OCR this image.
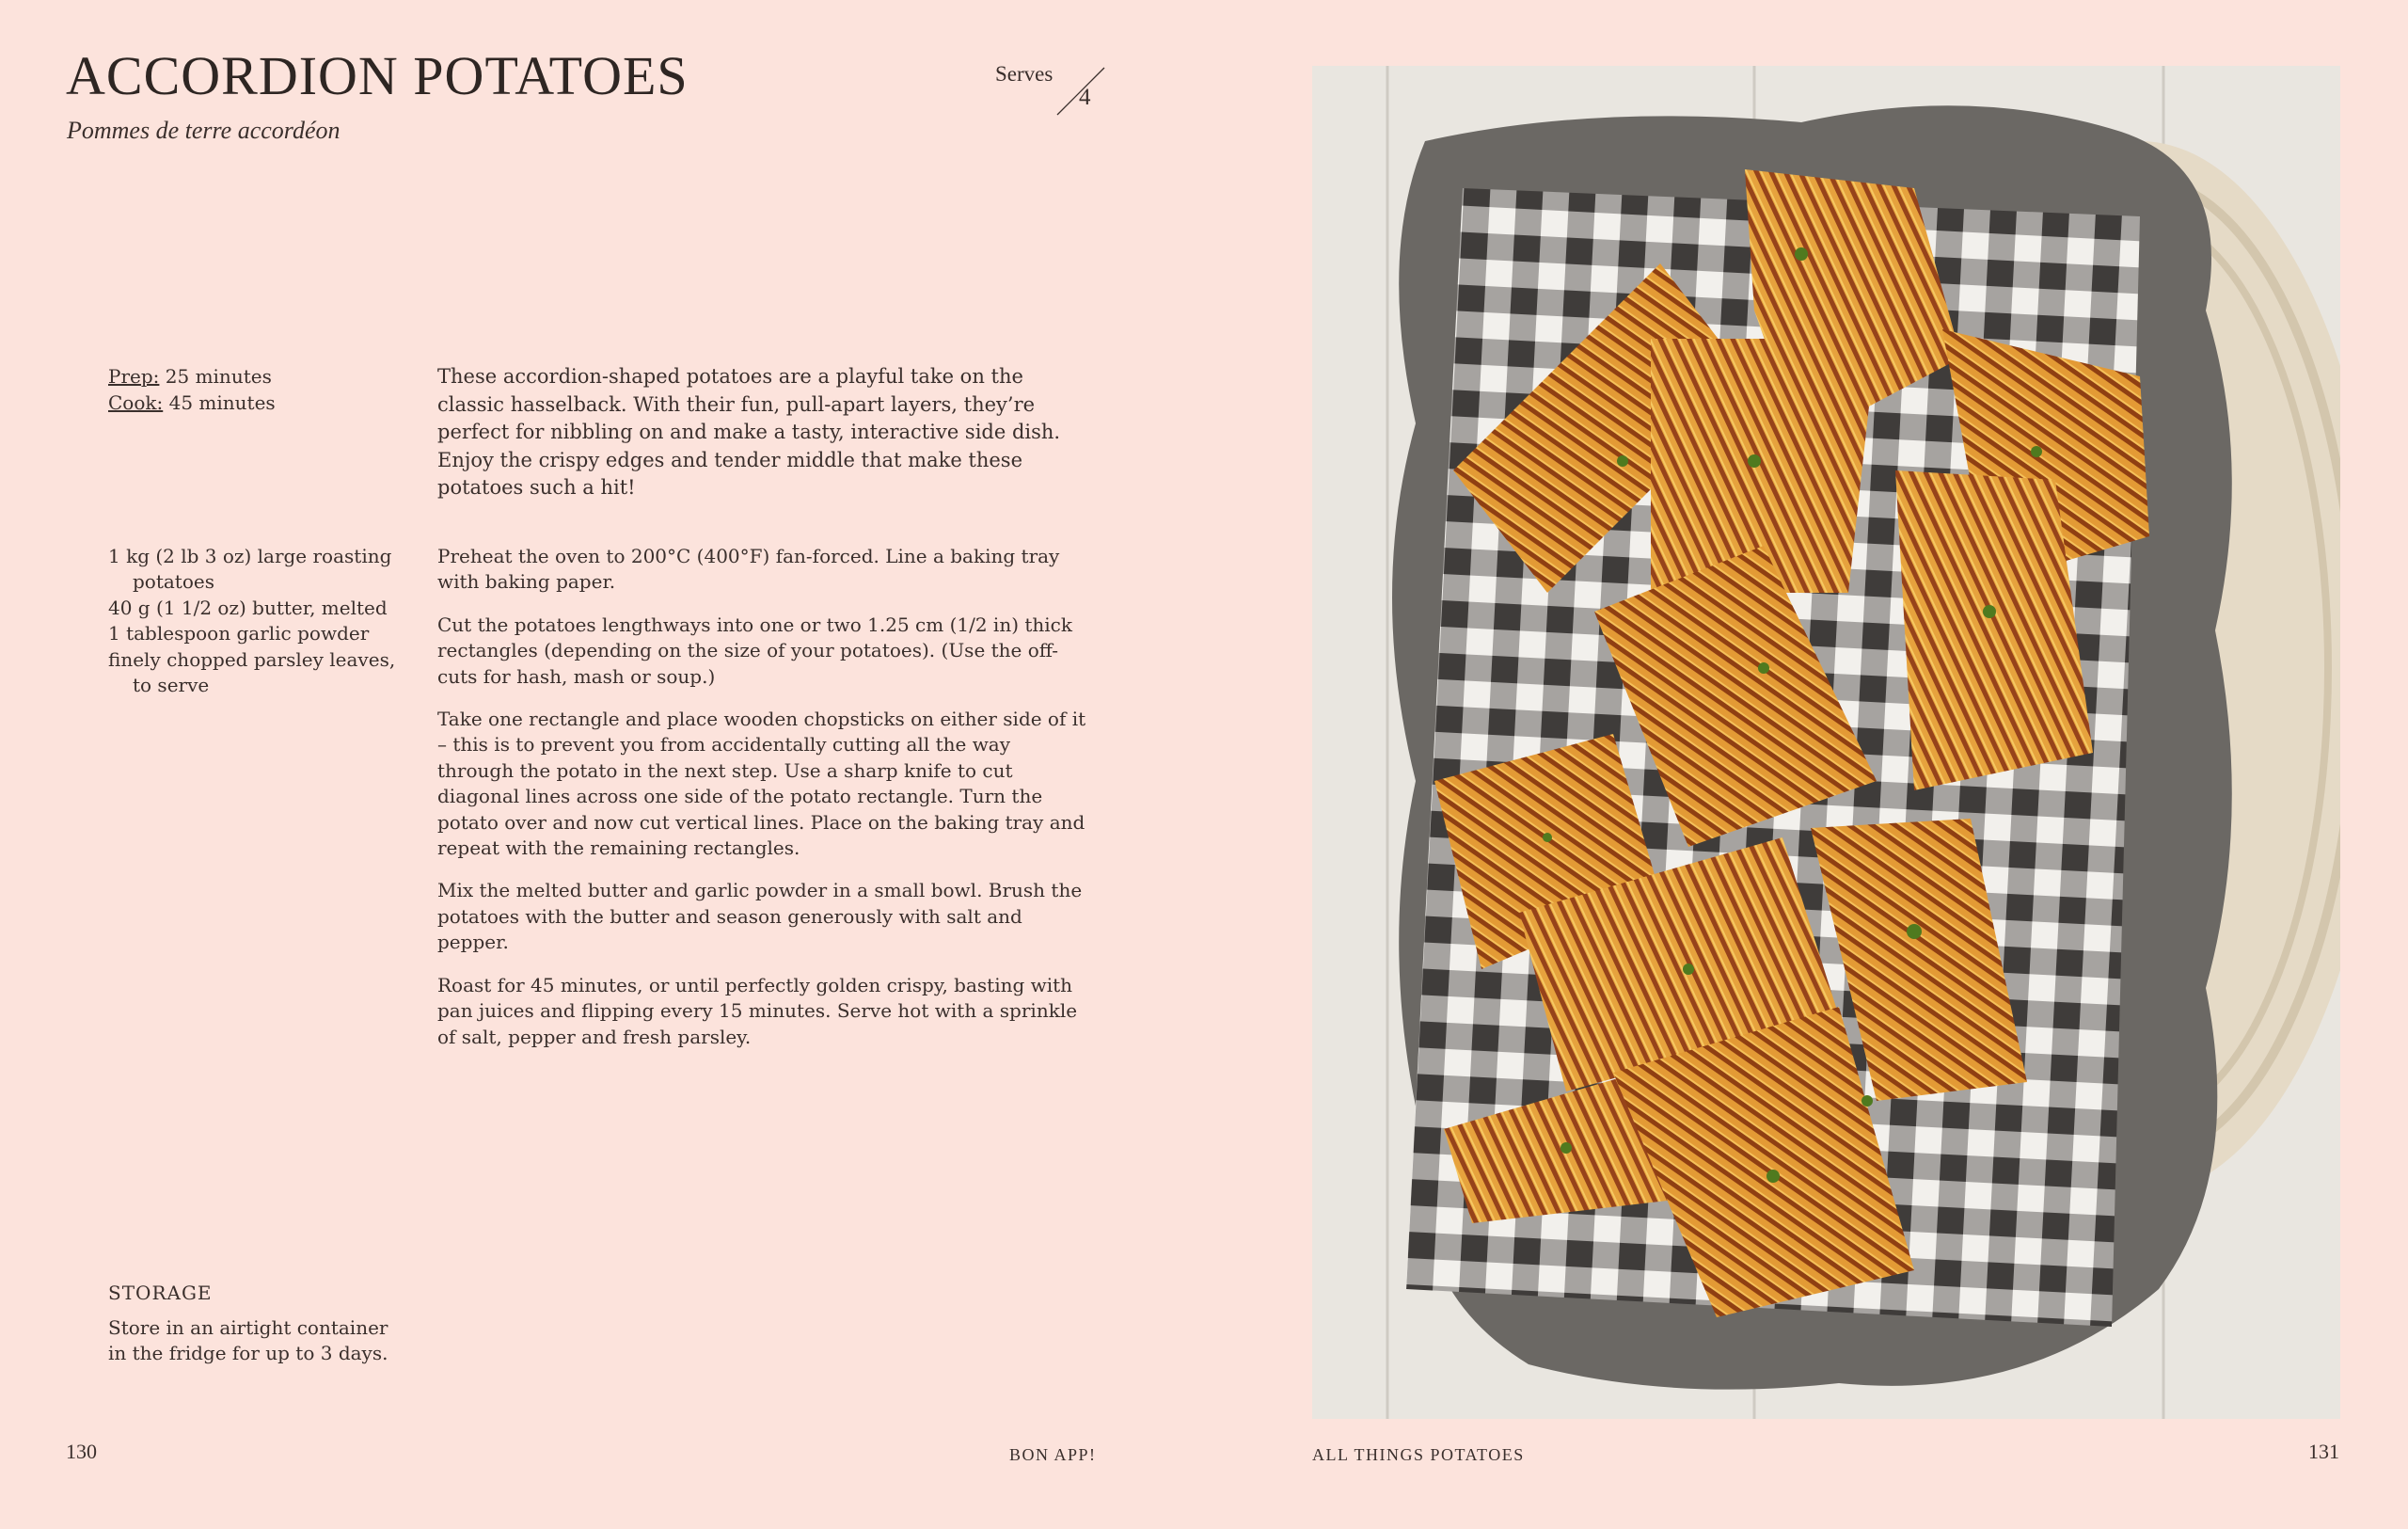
ACCORDION POTATOES
Pommes de terre accordéon
Serves
4
Prep: 25 minutes
Cook: 45 minutes
These accordion-shaped potatoes are a playful take on the classic hasselback. With their fun, pull-apart layers, they’re perfect for nibbling on and make a tasty, interactive side dish. Enjoy the crispy edges and tender middle that make these potatoes such a hit!
1 kg (2 lb 3 oz) large roasting potatoes
40 g (1 1/2 oz) butter, melted
1 tablespoon garlic powder
finely chopped parsley leaves, to serve

Preheat the oven to 200°C (400°F) fan-forced. Line a baking tray with baking paper.

Cut the potatoes lengthways into one or two 1.25 cm (1/2 in) thick rectangles (depending on the size of your potatoes). (Use the off-cuts for hash, mash or soup.)

Take one rectangle and place wooden chopsticks on either side of it – this is to prevent you from accidentally cutting all the way through the potato in the next step. Use a sharp knife to cut diagonal lines across one side of the potato rectangle. Turn the potato over and now cut vertical lines. Place on the baking tray and repeat with the remaining rectangles.

Mix the melted butter and garlic powder in a small bowl. Brush the potatoes with the butter and season generously with salt and pepper.

Roast for 45 minutes, or until perfectly golden crispy, basting with pan juices and flipping every 15 minutes. Serve hot with a sprinkle of salt, pepper and fresh parsley.

STORAGE
Store in an airtight container in the fridge for up to 3 days.
130	BON APP!	ALL THINGS POTATOES	131
